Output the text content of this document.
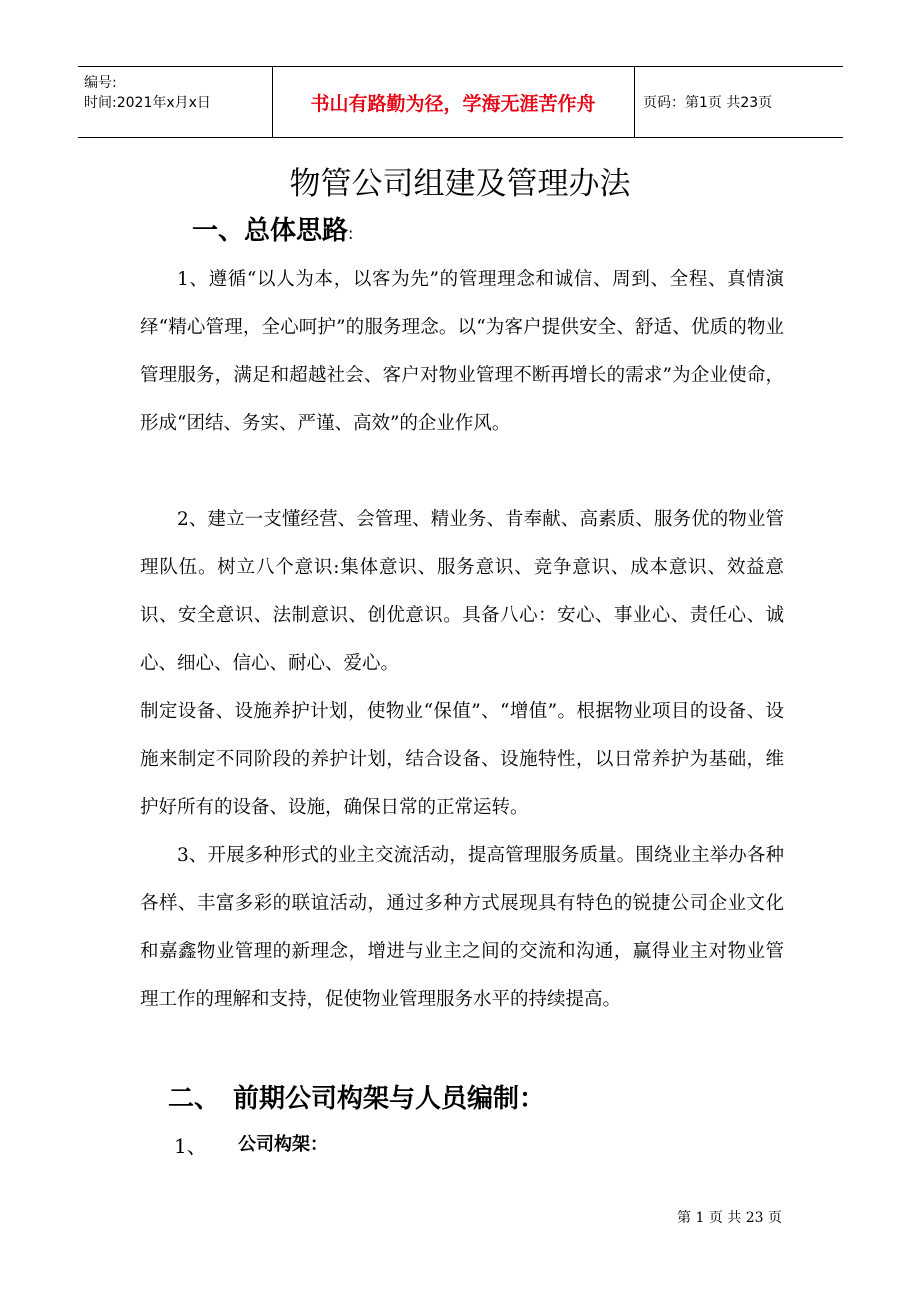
编号:
时间:2021年x月x日	书山有路勤为径，学海无涯苦作舟	页码：第1页 共23页
物管公司组建及管理办法
一、总体思路:
1、遵循“以人为本，以客为先”的管理理念和诚信、周到、全程、真情演绎“精心管理，全心呵护”的服务理念。以“为客户提供安全、舒适、优质的物业管理服务，满足和超越社会、客户对物业管理不断再增长的需求”为企业使命，形成“团结、务实、严谨、高效”的企业作风。
2、建立一支懂经营、会管理、精业务、肯奉献、高素质、服务优的物业管理队伍。树立八个意识:集体意识、服务意识、竞争意识、成本意识、效益意识、安全意识、法制意识、创优意识。具备八心：安心、事业心、责任心、诚心、细心、信心、耐心、爱心。
制定设备、设施养护计划，使物业“保值”、“增值”。根据物业项目的设备、设施来制定不同阶段的养护计划，结合设备、设施特性，以日常养护为基础，维护好所有的设备、设施，确保日常的正常运转。
3、开展多种形式的业主交流活动，提高管理服务质量。围绕业主举办各种各样、丰富多彩的联谊活动，通过多种方式展现具有特色的锐捷公司企业文化和嘉鑫物业管理的新理念，增进与业主之间的交流和沟通，赢得业主对物业管理工作的理解和支持，促使物业管理服务水平的持续提高。
二、　前期公司构架与人员编制：
1、 公司构架：
第 1 页 共 23 页
